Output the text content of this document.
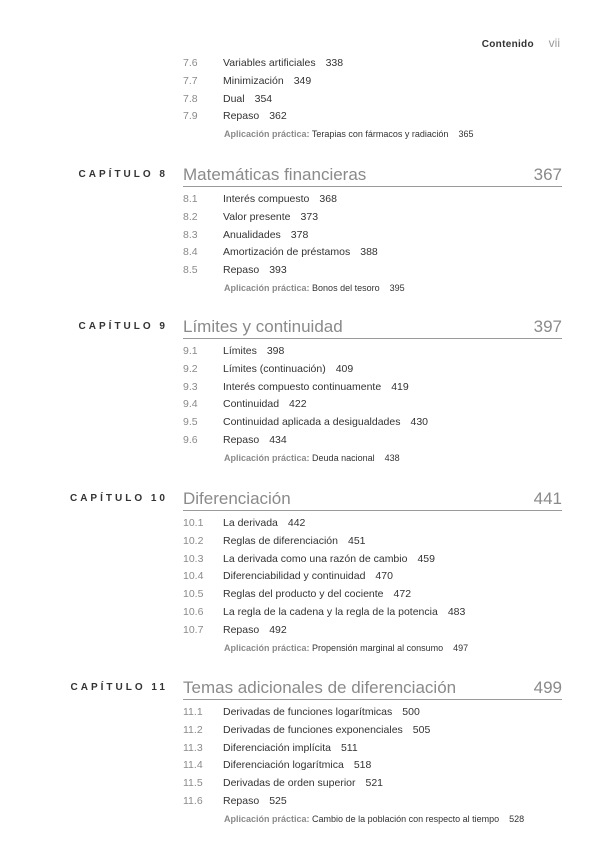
Contenido vii
7.6 Variables artificiales 338
7.7 Minimización 349
7.8 Dual 354
7.9 Repaso 362
Aplicación práctica: Terapias con fármacos y radiación 365
CAPÍTULO 8 Matemáticas financieras	367
8.1 Interés compuesto 368
8.2 Valor presente 373
8.3 Anualidades 378
8.4 Amortización de préstamos 388
8.5 Repaso 393
Aplicación práctica: Bonos del tesoro 395
CAPÍTULO 9 Límites y continuidad	397
9.1 Límites 398
9.2 Límites (continuación) 409
9.3 Interés compuesto continuamente 419
9.4 Continuidad 422
9.5 Continuidad aplicada a desigualdades 430
9.6 Repaso 434
Aplicación práctica: Deuda nacional 438
CAPÍTULO 10 Diferenciación	441
10.1 La derivada 442
10.2 Reglas de diferenciación 451
10.3 La derivada como una razón de cambio 459
10.4 Diferenciabilidad y continuidad 470
10.5 Reglas del producto y del cociente 472
10.6 La regla de la cadena y la regla de la potencia 483
10.7 Repaso 492
Aplicación práctica: Propensión marginal al consumo 497
CAPÍTULO 11 Temas adicionales de diferenciación	499
11.1 Derivadas de funciones logarítmicas 500
11.2 Derivadas de funciones exponenciales 505
11.3 Diferenciación implícita 511
11.4 Diferenciación logarítmica 518
11.5 Derivadas de orden superior 521
11.6 Repaso 525
Aplicación práctica: Cambio de la población con respecto al tiempo 528
